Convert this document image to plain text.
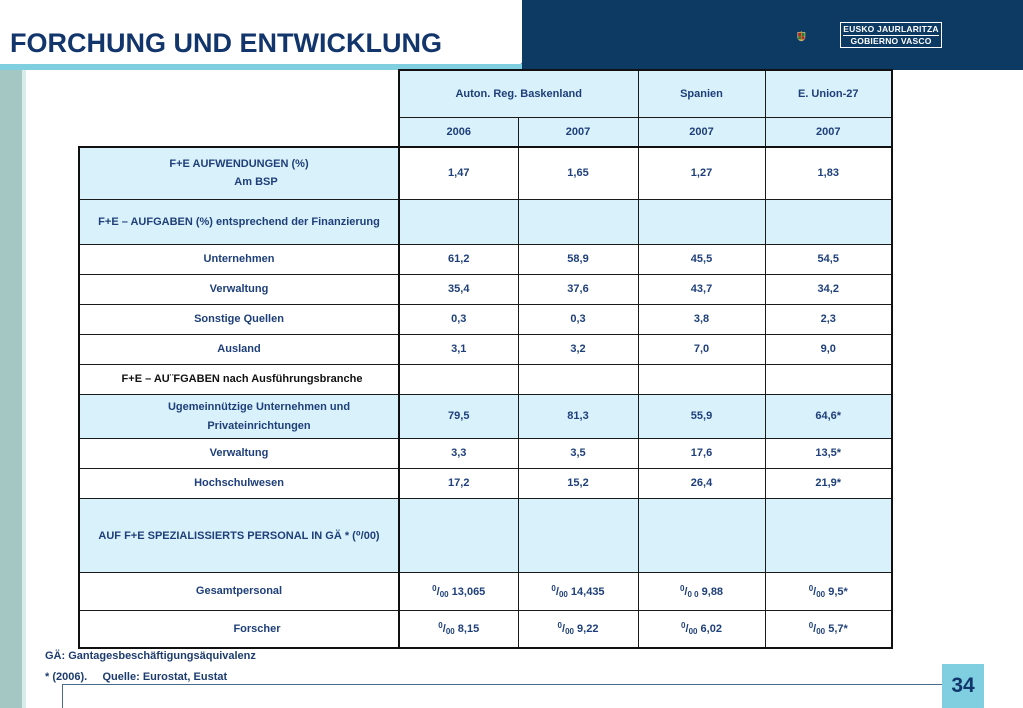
FORCHUNG UND ENTWICKLUNG	EUSKO JAURLARITZA
GOBIERNO VASCO
	Auton. Reg. Baskenland		Spanien	E. Union-27
	2006	2007	2007	2007

F+E AUFWENDUNGEN (%)
Am BSP	1,47	1,65	1,27	1,83
F+E – AUFGABEN (%) entsprechend der Finanzierung				
Unternehmen	61,2	58,9	45,5	54,5
Verwaltung	35,4	37,6	43,7	34,2
Sonstige Quellen	0,3	0,3	3,8	2,3
Ausland	3,1	3,2	7,0	9,0
F+E – AU¨FGABEN nach Ausführungsbranche				

Ugemeinnützige Unternehmen und
Privateinrichtungen	79,5	81,3	55,9	64,6*
Verwaltung	3,3	3,5	17,6	13,5*
Hochschulwesen	17,2	15,2	26,4	21,9*
AUF F+E SPEZIALISSIERTS PERSONAL IN GÄ * (⁰/00)				
Gesamtpersonal	$^0/_{00}$ 13,065	$^0/_{00}$ 14,435	$^0/_{0 0}$ 9,88	$^0/_{00}$ 9,5*
Forscher	$^0/_{00}$ 8,15	$^0/_{00}$ 9,22	$^0/_{00}$ 6,02	$^0/_{00}$ 5,7*
GÄ: Gantagesbeschäftigungsäquivalenz
* (2006).     Quelle: Eurostat, Eustat	34
